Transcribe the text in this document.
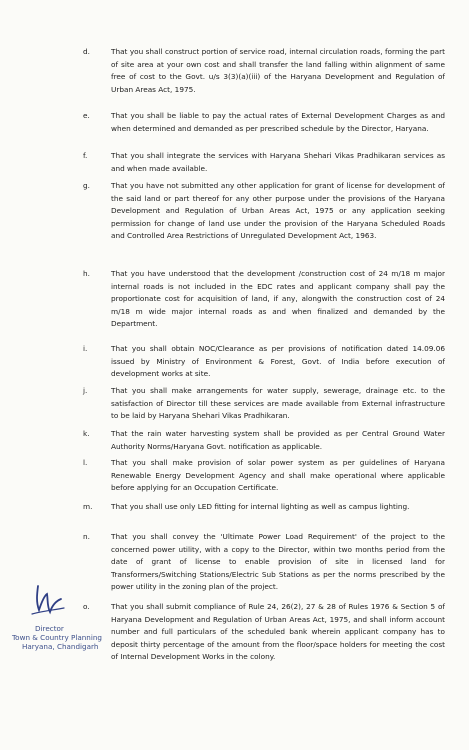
d.	That you shall construct portion of service road, internal circulation roads, forming the part of site area at your own cost and shall transfer the land falling within alignment of same free of cost to the Govt. u/s 3(3)(a)(iii) of the Haryana Development and Regulation of Urban Areas Act, 1975.
e.	That you shall be liable to pay the actual rates of External Development Charges as and when determined and demanded as per prescribed schedule by the Director, Haryana.
f.	That you shall integrate the services with Haryana Shehari Vikas Pradhikaran services as and when made available.
g.	That you have not submitted any other application for grant of license for development of the said land or part thereof for any other purpose under the provisions of the Haryana Development and Regulation of Urban Areas Act, 1975 or any application seeking permission for change of land use under the provision of the Haryana Scheduled Roads and Controlled Area Restrictions of Unregulated Development Act, 1963.
h.	That you have understood that the development /construction cost of 24 m/18 m major internal roads is not included in the EDC rates and applicant company shall pay the proportionate cost for acquisition of land, if any, alongwith the construction cost of 24 m/18 m wide major internal roads as and when finalized and demanded by the Department.
i.	That you shall obtain NOC/Clearance as per provisions of notification dated 14.09.06 issued by Ministry of Environment & Forest, Govt. of India before execution of development works at site.
j.	That you shall make arrangements for water supply, sewerage, drainage etc. to the satisfaction of Director till these services are made available from External infrastructure to be laid by Haryana Shehari Vikas Pradhikaran.
k.	That the rain water harvesting system shall be provided as per Central Ground Water Authority Norms/Haryana Govt. notification as applicable.
l.	That you shall make provision of solar power system as per guidelines of Haryana Renewable Energy Development Agency and shall make operational where applicable before applying for an Occupation Certificate.
m.	That you shall use only LED fitting for internal lighting as well as campus lighting.
n.	That you shall convey the 'Ultimate Power Load Requirement' of the project to the concerned power utility, with a copy to the Director, within two months period from the date of grant of license to enable provision of site in licensed land for Transformers/Switching Stations/Electric Sub Stations as per the norms prescribed by the power utility in the zoning plan of the project.
o.	That you shall submit compliance of Rule 24, 26(2), 27 & 28 of Rules 1976 & Section 5 of Haryana Development and Regulation of Urban Areas Act, 1975, and shall inform account number and full particulars of the scheduled bank wherein applicant company has to deposit thirty percentage of the amount from the floor/space holders for meeting the cost of Internal Development Works in the colony.
Director
Town & Country Planning
Haryana, Chandigarh
